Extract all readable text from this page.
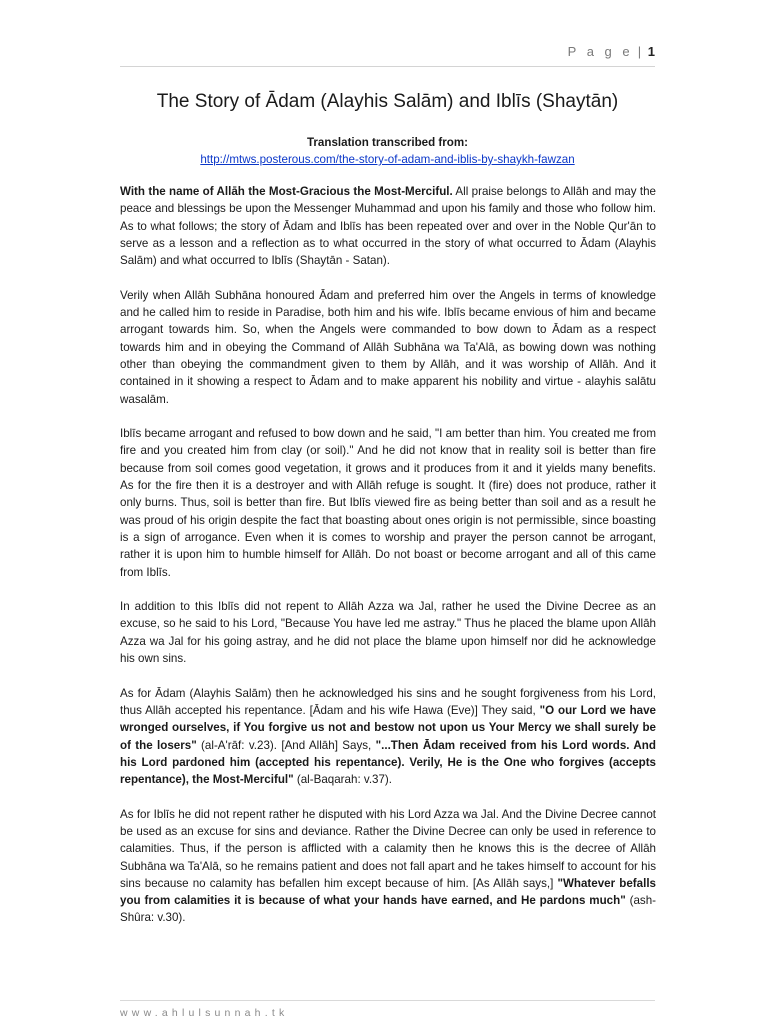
P a g e | 1
The Story of Ādam (Alayhis Salām) and Iblīs (Shaytān)
Translation transcribed from:
http://mtws.posterous.com/the-story-of-adam-and-iblis-by-shaykh-fawzan

With the name of Allāh the Most-Gracious the Most-Merciful. All praise belongs to Allāh and may the peace and blessings be upon the Messenger Muhammad and upon his family and those who follow him. As to what follows; the story of Ādam and Iblīs has been repeated over and over in the Noble Qur'ān to serve as a lesson and a reflection as to what occurred in the story of what occurred to Ādam (Alayhis Salām) and what occurred to Iblīs (Shaytān - Satan).

Verily when Allāh Subhāna honoured Ādam and preferred him over the Angels in terms of knowledge and he called him to reside in Paradise, both him and his wife. Iblīs became envious of him and became arrogant towards him. So, when the Angels were commanded to bow down to Ādam as a respect towards him and in obeying the Command of Allāh Subhāna wa Ta'Alā, as bowing down was nothing other than obeying the commandment given to them by Allāh, and it was worship of Allāh. And it contained in it showing a respect to Ādam and to make apparent his nobility and virtue - alayhis salātu wasalām.

Iblīs became arrogant and refused to bow down and he said, "I am better than him. You created me from fire and you created him from clay (or soil)." And he did not know that in reality soil is better than fire because from soil comes good vegetation, it grows and it produces from it and it yields many benefits. As for the fire then it is a destroyer and with Allāh refuge is sought. It (fire) does not produce, rather it only burns. Thus, soil is better than fire. But Iblīs viewed fire as being better than soil and as a result he was proud of his origin despite the fact that boasting about ones origin is not permissible, since boasting is a sign of arrogance. Even when it is comes to worship and prayer the person cannot be arrogant, rather it is upon him to humble himself for Allāh. Do not boast or become arrogant and all of this came from Iblīs.

In addition to this Iblīs did not repent to Allāh Azza wa Jal, rather he used the Divine Decree as an excuse, so he said to his Lord, "Because You have led me astray." Thus he placed the blame upon Allāh Azza wa Jal for his going astray, and he did not place the blame upon himself nor did he acknowledge his own sins.

As for Ādam (Alayhis Salām) then he acknowledged his sins and he sought forgiveness from his Lord, thus Allāh accepted his repentance. [Ādam and his wife Hawa (Eve)] They said, "O our Lord we have wronged ourselves, if You forgive us not and bestow not upon us Your Mercy we shall surely be of the losers" (al-A'rāf: v.23). [And Allāh] Says, "...Then Ādam received from his Lord words. And his Lord pardoned him (accepted his repentance). Verily, He is the One who forgives (accepts repentance), the Most-Merciful" (al-Baqarah: v.37).

As for Iblīs he did not repent rather he disputed with his Lord Azza wa Jal. And the Divine Decree cannot be used as an excuse for sins and deviance. Rather the Divine Decree can only be used in reference to calamities. Thus, if the person is afflicted with a calamity then he knows this is the decree of Allāh Subhāna wa Ta'Alā, so he remains patient and does not fall apart and he takes himself to account for his sins because no calamity has befallen him except because of him. [As Allāh says,] "Whatever befalls you from calamities it is because of what your hands have earned, and He pardons much" (ash-Shûra: v.30).

www.ahlulsunnah.tk
